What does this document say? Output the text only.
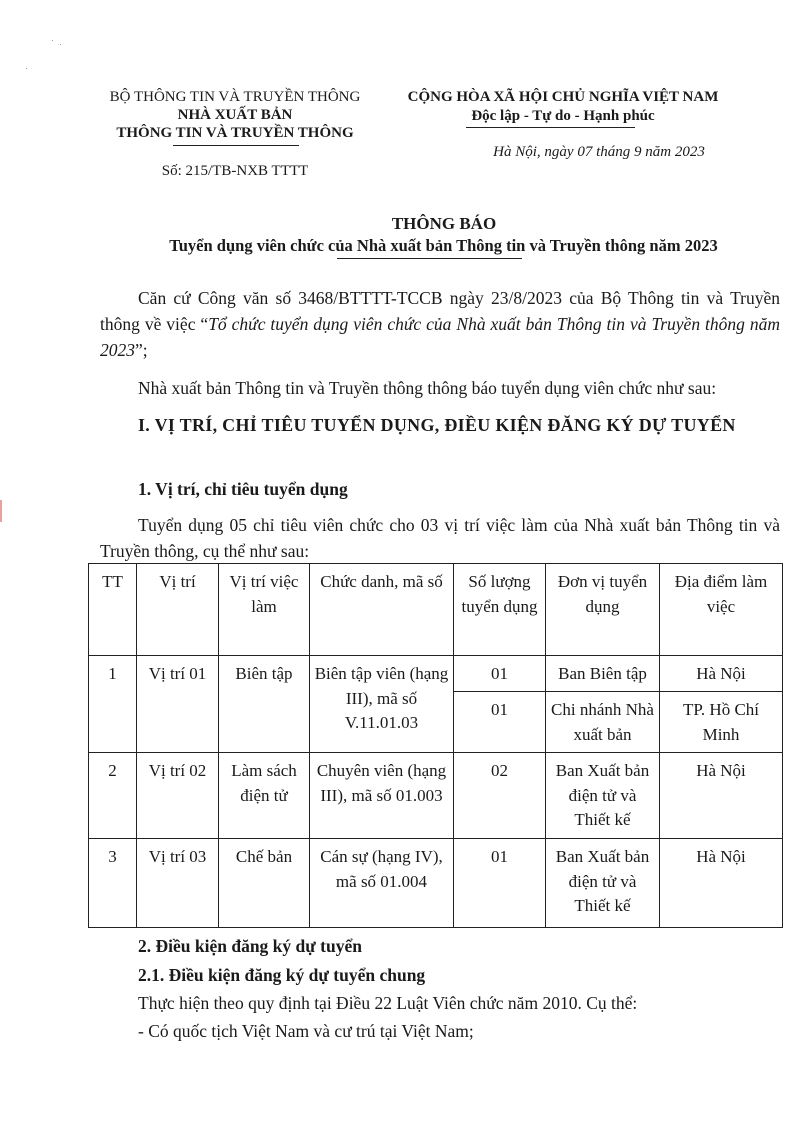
BỘ THÔNG TIN VÀ TRUYỀN THÔNG
NHÀ XUẤT BẢN
THÔNG TIN VÀ TRUYỀN THÔNG
Số: 215/TB-NXB TTTT
CỘNG HÒA XÃ HỘI CHỦ NGHĨA VIỆT NAM
Độc lập - Tự do - Hạnh phúc
Hà Nội, ngày 07 tháng 9 năm 2023
THÔNG BÁO
Tuyển dụng viên chức của Nhà xuất bản Thông tin và Truyền thông năm 2023
Căn cứ Công văn số 3468/BTTTT-TCCB ngày 23/8/2023 của Bộ Thông tin và Truyền thông về việc “Tổ chức tuyển dụng viên chức của Nhà xuất bản Thông tin và Truyền thông năm 2023”;
Nhà xuất bản Thông tin và Truyền thông thông báo tuyển dụng viên chức như sau:
I. VỊ TRÍ, CHỈ TIÊU TUYỂN DỤNG, ĐIỀU KIỆN ĐĂNG KÝ DỰ TUYỂN
1. Vị trí, chỉ tiêu tuyển dụng
Tuyển dụng 05 chỉ tiêu viên chức cho 03 vị trí việc làm của Nhà xuất bản Thông tin và Truyền thông, cụ thể như sau:
TT	Vị trí	Vị trí việc làm	Chức danh, mã số	Số lượng tuyển dụng	Đơn vị tuyển dụng	Địa điểm làm việc
1	Vị trí 01	Biên tập	Biên tập viên (hạng III), mã số V.11.01.03	01	Ban Biên tập	Hà Nội
				01	Chi nhánh Nhà xuất bản	TP. Hồ Chí Minh
2	Vị trí 02	Làm sách điện tử	Chuyên viên (hạng III), mã số 01.003	02	Ban Xuất bản điện tử và Thiết kế	Hà Nội
3	Vị trí 03	Chế bản	Cán sự (hạng IV), mã số 01.004	01	Ban Xuất bản điện tử và Thiết kế	Hà Nội
2. Điều kiện đăng ký dự tuyển
2.1. Điều kiện đăng ký dự tuyển chung
Thực hiện theo quy định tại Điều 22 Luật Viên chức năm 2010. Cụ thể:
- Có quốc tịch Việt Nam và cư trú tại Việt Nam;
